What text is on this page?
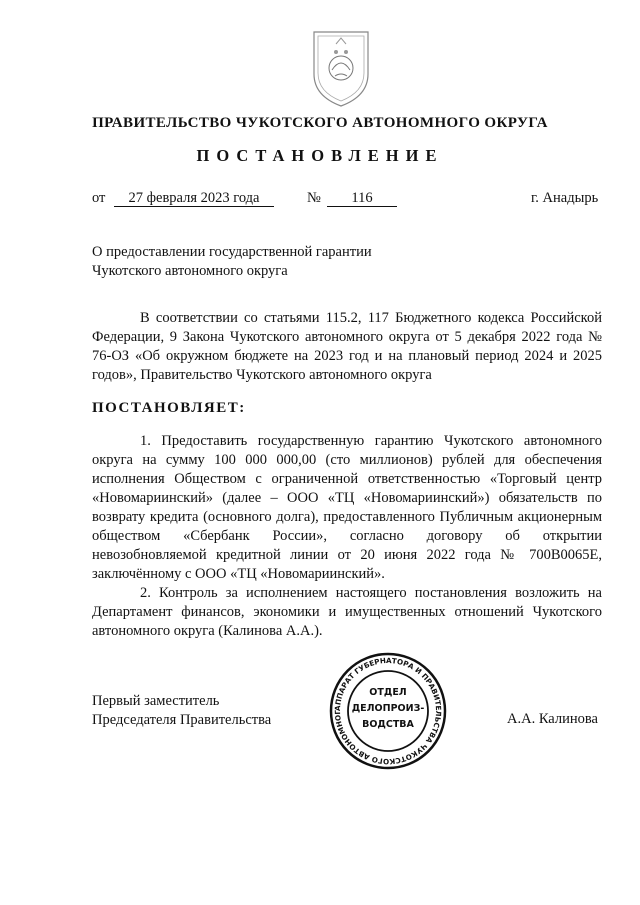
ПРАВИТЕЛЬСТВО ЧУКОТСКОГО АВТОНОМНОГО ОКРУГА
ПОСТАНОВЛЕНИЕ
от	27 февраля 2023 года	№	116	г. Анадырь
О предоставлении государственной гарантии
Чукотского автономного округа

В соответствии со статьями 115.2, 117 Бюджетного кодекса Российской Федерации, 9 Закона Чукотского автономного округа от 5 декабря 2022 года № 76-ОЗ «Об окружном бюджете на 2023 год и на плановый период 2024 и 2025 годов», Правительство Чукотского автономного округа

ПОСТАНОВЛЯЕТ:

1. Предоставить государственную гарантию Чукотского автономного округа на сумму 100 000 000,00 (сто миллионов) рублей для обеспечения исполнения Обществом с ограниченной ответственностью «Торговый центр «Новомариинский» (далее – ООО «ТЦ «Новомариинский») обязательств по возврату кредита (основного долга), предоставленного Публичным акционерным обществом «Сбербанк России», согласно договору об открытии невозобновляемой кредитной линии от 20 июня 2022 года № 700В0065Е, заключённому с ООО «ТЦ «Новомариинский».

2. Контроль за исполнением настоящего постановления возложить на Департамент финансов, экономики и имущественных отношений Чукотского автономного округа (Калинова А.А.).

Первый заместитель
Председателя Правительства	А.А. Калинова
АППАРАТ ГУБЕРНАТОРА И ПРАВИТЕЛЬСТВА ЧУКОТСКОГО АВТОНОМНОГ
ОТДЕЛ
ДЕЛОПРОИЗ-
ВОДСТВА
